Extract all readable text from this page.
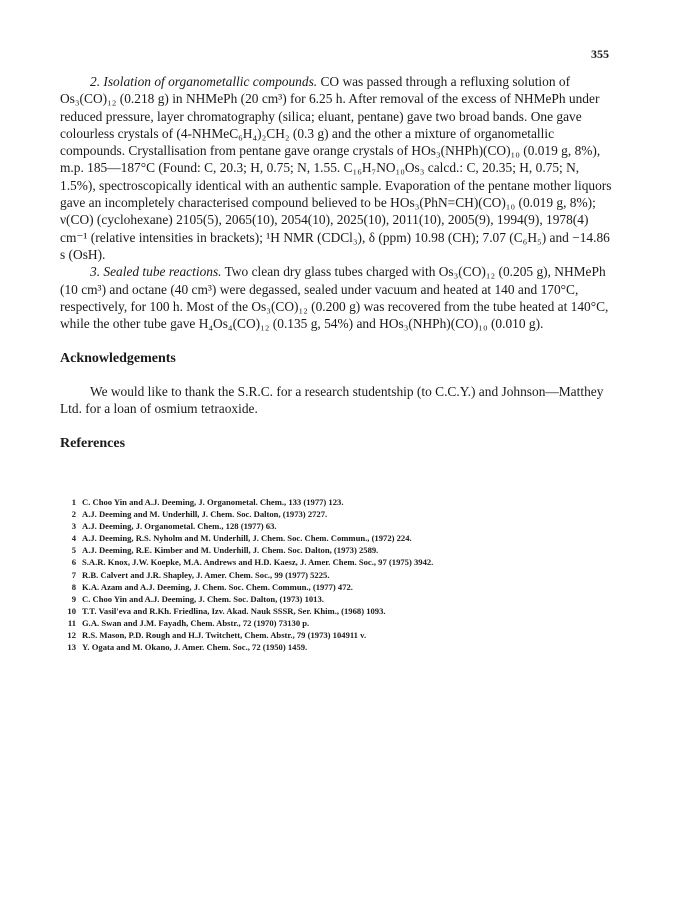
355

2. Isolation of organometallic compounds. CO was passed through a refluxing solution of Os₃(CO)₁₂ (0.218 g) in NHMePh (20 cm³) for 6.25 h. After removal of the excess of NHMePh under reduced pressure, layer chromatography (silica; eluant, pentane) gave two broad bands. One gave colourless crystals of (4-NHMeC₆H₄)₂CH₂ (0.3 g) and the other a mixture of organometallic compounds. Crystallisation from pentane gave orange crystals of HOs₃(NHPh)(CO)₁₀ (0.019 g, 8%), m.p. 185—187°C (Found: C, 20.3; H, 0.75; N, 1.55. C₁₆H₇NO₁₀Os₃ calcd.: C, 20.35; H, 0.75; N, 1.5%), spectroscopically identical with an authentic sample. Evaporation of the pentane mother liquors gave an incompletely characterised compound believed to be HOs₃(PhN=CH)(CO)₁₀ (0.019 g, 8%); ν(CO) (cyclohexane) 2105(5), 2065(10), 2054(10), 2025(10), 2011(10), 2005(9), 1994(9), 1978(4) cm⁻¹ (relative intensities in brackets); ¹H NMR (CDCl₃), δ (ppm) 10.98 (CH); 7.07 (C₆H₅) and −14.86 s (OsH).

3. Sealed tube reactions. Two clean dry glass tubes charged with Os₃(CO)₁₂ (0.205 g), NHMePh (10 cm³) and octane (40 cm³) were degassed, sealed under vacuum and heated at 140 and 170°C, respectively, for 100 h. Most of the Os₃(CO)₁₂ (0.200 g) was recovered from the tube heated at 140°C, while the other tube gave H₄Os₄(CO)₁₂ (0.135 g, 54%) and HOs₃(NHPh)(CO)₁₀ (0.010 g).

Acknowledgements

We would like to thank the S.R.C. for a research studentship (to C.C.Y.) and Johnson—Matthey Ltd. for a loan of osmium tetraoxide.

References
1 C. Choo Yin and A.J. Deeming, J. Organometal. Chem., 133 (1977) 123.
2 A.J. Deeming and M. Underhill, J. Chem. Soc. Dalton, (1973) 2727.
3 A.J. Deeming, J. Organometal. Chem., 128 (1977) 63.
4 A.J. Deeming, R.S. Nyholm and M. Underhill, J. Chem. Soc. Chem. Commun., (1972) 224.
5 A.J. Deeming, R.E. Kimber and M. Underhill, J. Chem. Soc. Dalton, (1973) 2589.
6 S.A.R. Knox, J.W. Koepke, M.A. Andrews and H.D. Kaesz, J. Amer. Chem. Soc., 97 (1975) 3942.
7 R.B. Calvert and J.R. Shapley, J. Amer. Chem. Soc., 99 (1977) 5225.
8 K.A. Azam and A.J. Deeming, J. Chem. Soc. Chem. Commun., (1977) 472.
9 C. Choo Yin and A.J. Deeming, J. Chem. Soc. Dalton, (1973) 1013.
10 T.T. Vasil'eva and R.Kh. Friedlina, Izv. Akad. Nauk SSSR, Ser. Khim., (1968) 1093.
11 G.A. Swan and J.M. Fayadh, Chem. Abstr., 72 (1970) 73130 p.
12 R.S. Mason, P.D. Rough and H.J. Twitchett, Chem. Abstr., 79 (1973) 104911 v.
13 Y. Ogata and M. Okano, J. Amer. Chem. Soc., 72 (1950) 1459.
